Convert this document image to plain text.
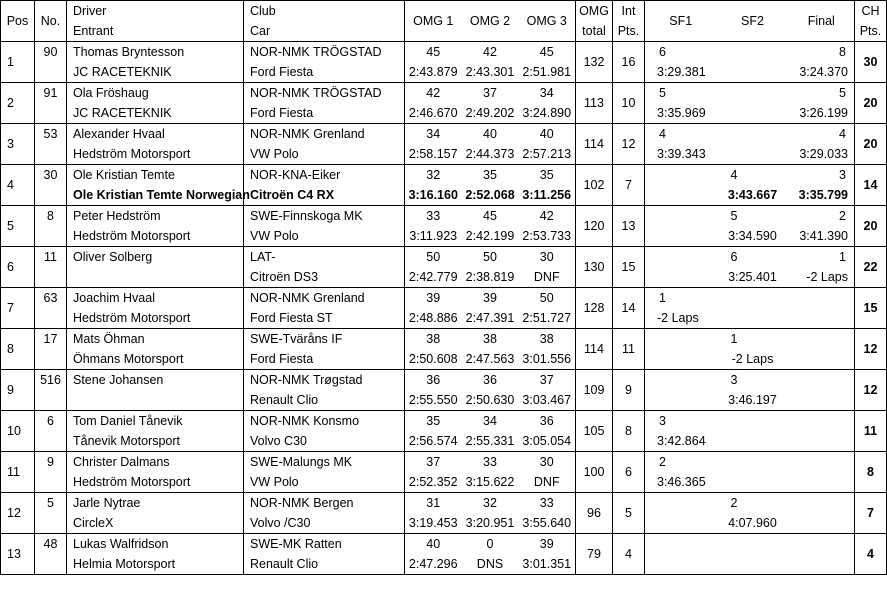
Pos	No.	Driver	Club	OMG 1	OMG 2	OMG 3	OMG	Int	SF1	SF2	Final	CH
		Entrant	Car				total	Pts.				Pts.
1	90	Thomas Bryntesson	NOR-NMK TRÖGSTAD	45	42	45	132	16	6		8	30
		JC RACETEKNIK	Ford Fiesta	2:43.879	2:43.301	2:51.981			3:29.381		3:24.370	
2	91	Ola Fröshaug	NOR-NMK TRÖGSTAD	42	37	34	113	10	5		5	20
		JC RACETEKNIK	Ford Fiesta	2:46.670	2:49.202	3:24.890			3:35.969		3:26.199	
3	53	Alexander Hvaal	NOR-NMK Grenland	34	40	40	114	12	4		4	20
		Hedström Motorsport	VW Polo	2:58.157	2:44.373	2:57.213			3:39.343		3:29.033	
4	30	Ole Kristian Temte	NOR-KNA-Eiker	32	35	35	102	7		4	3	14
		Ole Kristian Temte Norwegian	Citroën C4 RX	3:16.160	2:52.068	3:11.256				3:43.667	3:35.799	
5	8	Peter Hedström	SWE-Finnskoga MK	33	45	42	120	13		5	2	20
		Hedström Motorsport	VW Polo	3:11.923	2:42.199	2:53.733				3:34.590	3:41.390	
6	11	Oliver Solberg	LAT-	50	50	30	130	15		6	1	22
			Citroën DS3	2:42.779	2:38.819	DNF				3:25.401	-2 Laps	
7	63	Joachim Hvaal	NOR-NMK Grenland	39	39	50	128	14	1			15
		Hedström Motorsport	Ford Fiesta ST	2:48.886	2:47.391	2:51.727			-2 Laps			
8	17	Mats Öhman	SWE-Tväråns IF	38	38	38	114	11		1		12
		Öhmans Motorsport	Ford Fiesta	2:50.608	2:47.563	3:01.556				-2 Laps		
9	516	Stene Johansen	NOR-NMK Trøgstad	36	36	37	109	9		3		12
			Renault Clio	2:55.550	2:50.630	3:03.467				3:46.197		
10	6	Tom Daniel Tånevik	NOR-NMK Konsmo	35	34	36	105	8	3			11
		Tånevik Motorsport	Volvo C30	2:56.574	2:55.331	3:05.054			3:42.864			
11	9	Christer Dalmans	SWE-Malungs MK	37	33	30	100	6	2			8
		Hedström Motorsport	VW Polo	2:52.352	3:15.622	DNF			3:46.365			
12	5	Jarle Nytrae	NOR-NMK Bergen	31	32	33	96	5		2		7
		CircleX	Volvo /C30	3:19.453	3:20.951	3:55.640				4:07.960		
13	48	Lukas Walfridson	SWE-MK Ratten	40	0	39	79	4				4
		Helmia Motorsport	Renault Clio	2:47.296	DNS	3:01.351						
